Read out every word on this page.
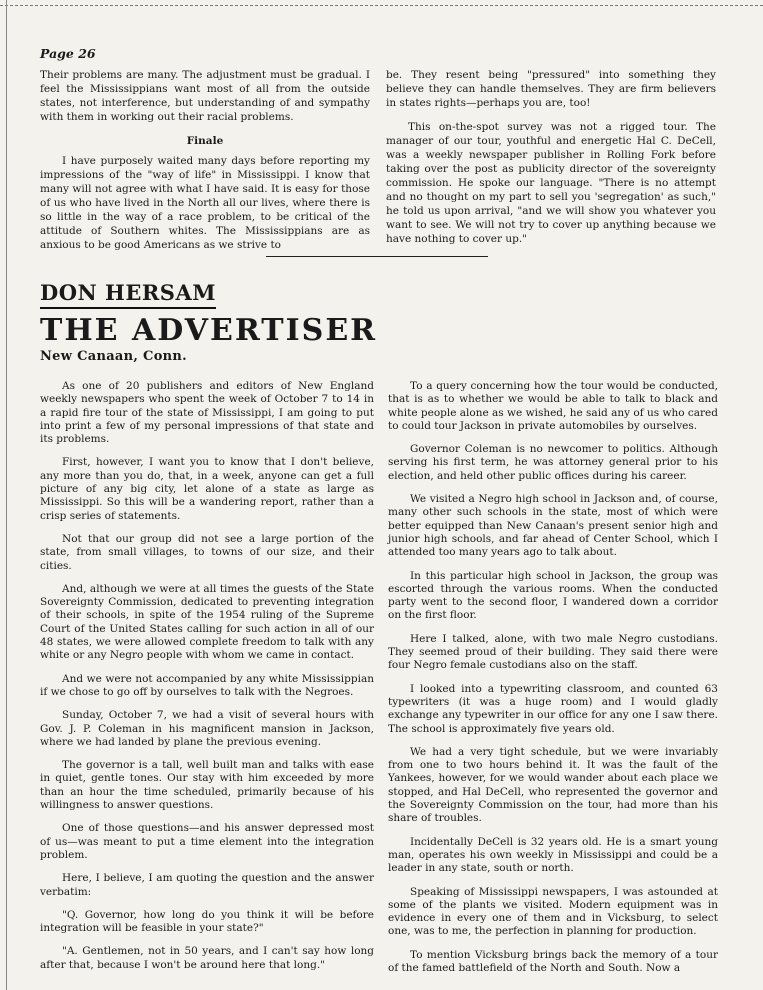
Page 26

Their problems are many. The adjustment must be gradual. I feel the Mississippians want most of all from the outside states, not interference, but understanding of and sympathy with them in working out their racial problems.

Finale

I have purposely waited many days before reporting my impressions of the "way of life" in Mississippi. I know that many will not agree with what I have said. It is easy for those of us who have lived in the North all our lives, where there is so little in the way of a race problem, to be critical of the attitude of Southern whites. The Mississippians are as anxious to be good Americans as we strive to

be. They resent being "pressured" into something they believe they can handle themselves. They are firm believers in states rights—perhaps you are, too!

This on-the-spot survey was not a rigged tour. The manager of our tour, youthful and energetic Hal C. DeCell, was a weekly newspaper publisher in Rolling Fork before taking over the post as publicity director of the sovereignty commission. He spoke our language. "There is no attempt and no thought on my part to sell you 'segregation' as such," he told us upon arrival, "and we will show you whatever you want to see. We will not try to cover up anything because we have nothing to cover up."

DON HERSAM
THE ADVERTISER
New Canaan, Conn.

As one of 20 publishers and editors of New England weekly newspapers who spent the week of October 7 to 14 in a rapid fire tour of the state of Mississippi, I am going to put into print a few of my personal impressions of that state and its problems.

First, however, I want you to know that I don't believe, any more than you do, that, in a week, anyone can get a full picture of any big city, let alone of a state as large as Mississippi. So this will be a wandering report, rather than a crisp series of statements.

Not that our group did not see a large portion of the state, from small villages, to towns of our size, and their cities.

And, although we were at all times the guests of the State Sovereignty Commission, dedicated to preventing integration of their schools, in spite of the 1954 ruling of the Supreme Court of the United States calling for such action in all of our 48 states, we were allowed complete freedom to talk with any white or any Negro people with whom we came in contact.

And we were not accompanied by any white Mississippian if we chose to go off by ourselves to talk with the Negroes.

Sunday, October 7, we had a visit of several hours with Gov. J. P. Coleman in his magnificent mansion in Jackson, where we had landed by plane the previous evening.

The governor is a tall, well built man and talks with ease in quiet, gentle tones. Our stay with him exceeded by more than an hour the time scheduled, primarily because of his willingness to answer questions.

One of those questions—and his answer depressed most of us—was meant to put a time element into the integration problem.

Here, I believe, I am quoting the question and the answer verbatim:

"Q. Governor, how long do you think it will be before integration will be feasible in your state?"

"A. Gentlemen, not in 50 years, and I can't say how long after that, because I won't be around here that long."

To a query concerning how the tour would be conducted, that is as to whether we would be able to talk to black and white people alone as we wished, he said any of us who cared to could tour Jackson in private automobiles by ourselves.

Governor Coleman is no newcomer to politics. Although serving his first term, he was attorney general prior to his election, and held other public offices during his career.

We visited a Negro high school in Jackson and, of course, many other such schools in the state, most of which were better equipped than New Canaan's present senior high and junior high schools, and far ahead of Center School, which I attended too many years ago to talk about.

In this particular high school in Jackson, the group was escorted through the various rooms. When the conducted party went to the second floor, I wandered down a corridor on the first floor.

Here I talked, alone, with two male Negro custodians. They seemed proud of their building. They said there were four Negro female custodians also on the staff.

I looked into a typewriting classroom, and counted 63 typewriters (it was a huge room) and I would gladly exchange any typewriter in our office for any one I saw there. The school is approximately five years old.

We had a very tight schedule, but we were invariably from one to two hours behind it. It was the fault of the Yankees, however, for we would wander about each place we stopped, and Hal DeCell, who represented the governor and the Sovereignty Commission on the tour, had more than his share of troubles.

Incidentally DeCell is 32 years old. He is a smart young man, operates his own weekly in Mississippi and could be a leader in any state, south or north.

Speaking of Mississippi newspapers, I was astounded at some of the plants we visited. Modern equipment was in evidence in every one of them and in Vicksburg, to select one, was to me, the perfection in planning for production.

To mention Vicksburg brings back the memory of a tour of the famed battlefield of the North and South. Now a
